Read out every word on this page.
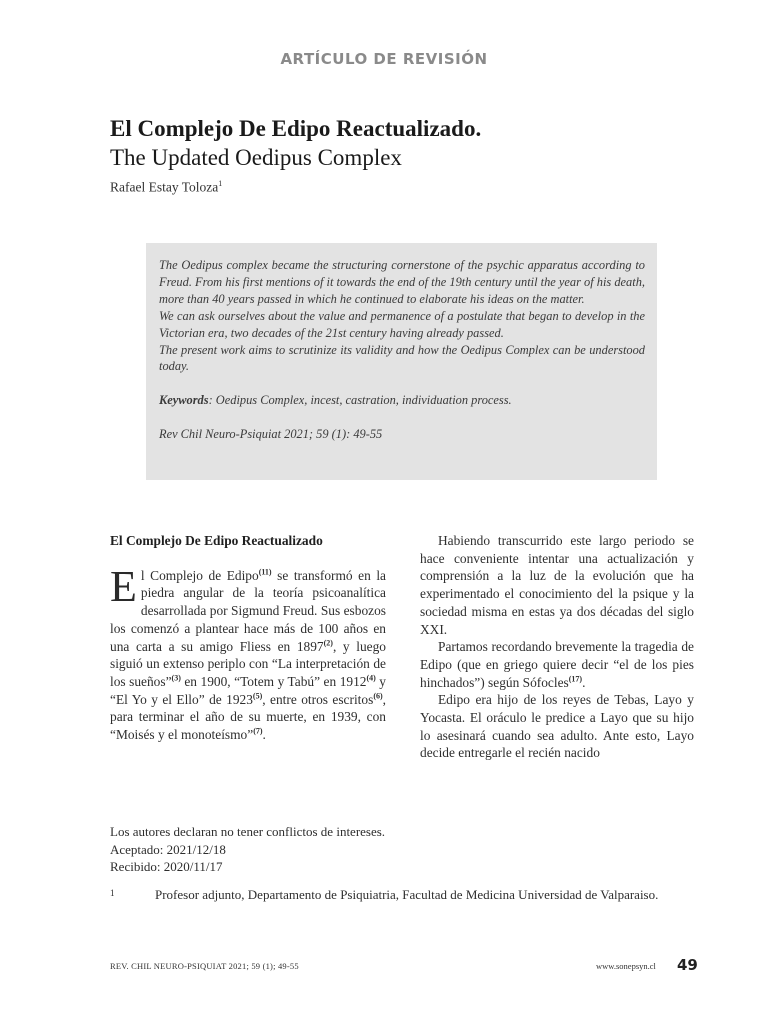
ARTÍCULO DE REVISIÓN
El Complejo De Edipo Reactualizado.
The Updated Oedipus Complex
Rafael Estay Toloza$^1$

The Oedipus complex became the structuring cornerstone of the psychic apparatus according to Freud. From his first mentions of it towards the end of the 19th century until the year of his death, more than 40 years passed in which he continued to elaborate his ideas on the matter.

We can ask ourselves about the value and permanence of a postulate that began to develop in the Victorian era, two decades of the 21st century having already passed.

The present work aims to scrutinize its validity and how the Oedipus Complex can be understood today.

Keywords: Oedipus Complex, incest, castration, individuation process.

Rev Chil Neuro-Psiquiat 2021; 59 (1): 49-55

El Complejo De Edipo Reactualizado

El Complejo de Edipo$^{(11)}$ se transformó en la piedra angular de la teoría psicoanalítica desarrollada por Sigmund Freud. Sus esbozos los comenzó a plantear hace más de 100 años en una carta a su amigo Fliess en 1897$^{(2)}$, y luego siguió un extenso periplo con “La interpretación de los sueños”$^{(3)}$ en 1900, “Totem y Tabú” en 1912$^{(4)}$ y “El Yo y el Ello” de 1923$^{(5)}$, entre otros escritos$^{(6)}$, para terminar el año de su muerte, en 1939, con “Moisés y el monoteísmo”$^{(7)}$.

Habiendo transcurrido este largo periodo se hace conveniente intentar una actualización y comprensión a la luz de la evolución que ha experimentado el conocimiento del la psique y la sociedad misma en estas ya dos décadas del siglo XXI.

Partamos recordando brevemente la tragedia de Edipo (que en griego quiere decir “el de los pies hinchados”) según Sófocles$^{(17)}$.

Edipo era hijo de los reyes de Tebas, Layo y Yocasta. El oráculo le predice a Layo que su hijo lo asesinará cuando sea adulto. Ante esto, Layo decide entregarle el recién nacido

Los autores declaran no tener conflictos de intereses.

Aceptado: 2021/12/18

Recibido: 2020/11/17

1	Profesor adjunto, Departamento de Psiquiatria, Facultad de Medicina Universidad de Valparaiso.
REV. CHIL NEURO-PSIQUIAT 2021; 59 (1); 49-55	www.sonepsyn.cl 49
